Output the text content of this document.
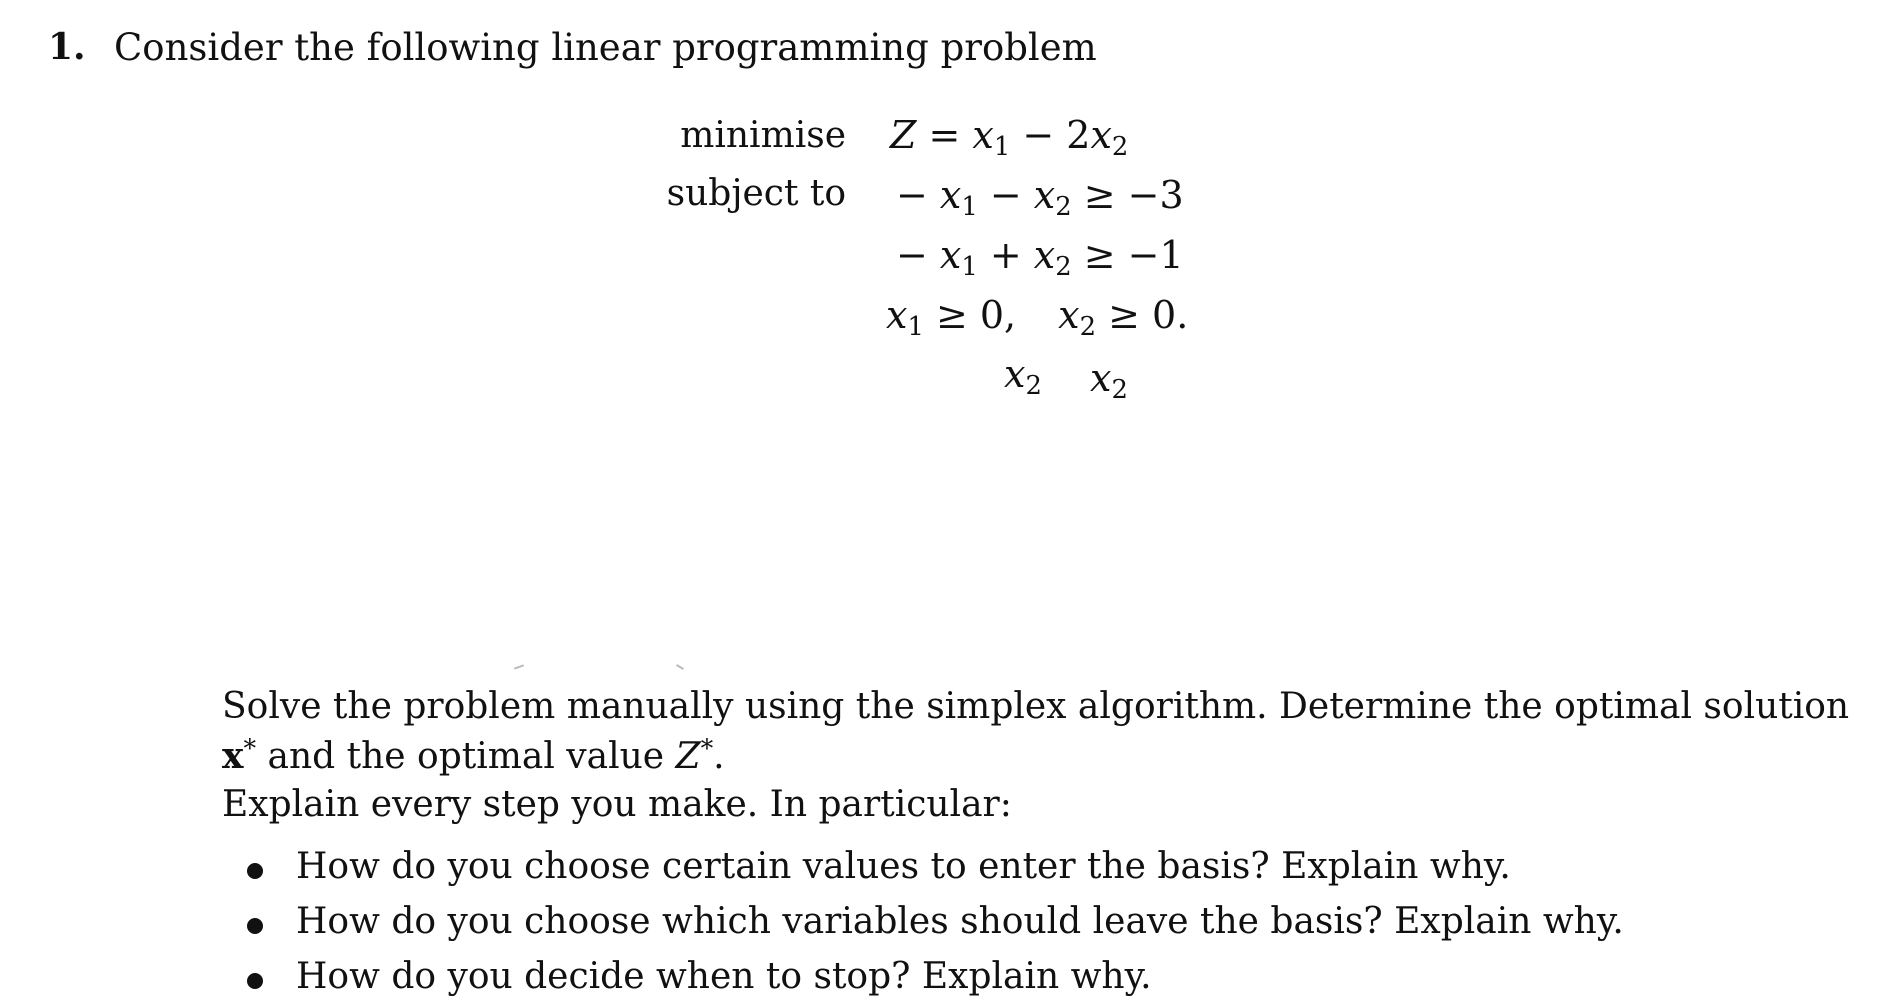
1. Consider the following linear programming problem
minimise Z = x1 − 2x2
subject to − x1 − x2 ≥ −3
− x1 + x2 ≥ −1
x1 ≥ 0, x2 ≥ 0.
x2 x2
Solve the problem manually using the simplex algorithm. Determine the optimal solution
x* and the optimal value Z*.
Explain every step you make. In particular:
How do you choose certain values to enter the basis? Explain why.
How do you choose which variables should leave the basis? Explain why.
How do you decide when to stop? Explain why.
